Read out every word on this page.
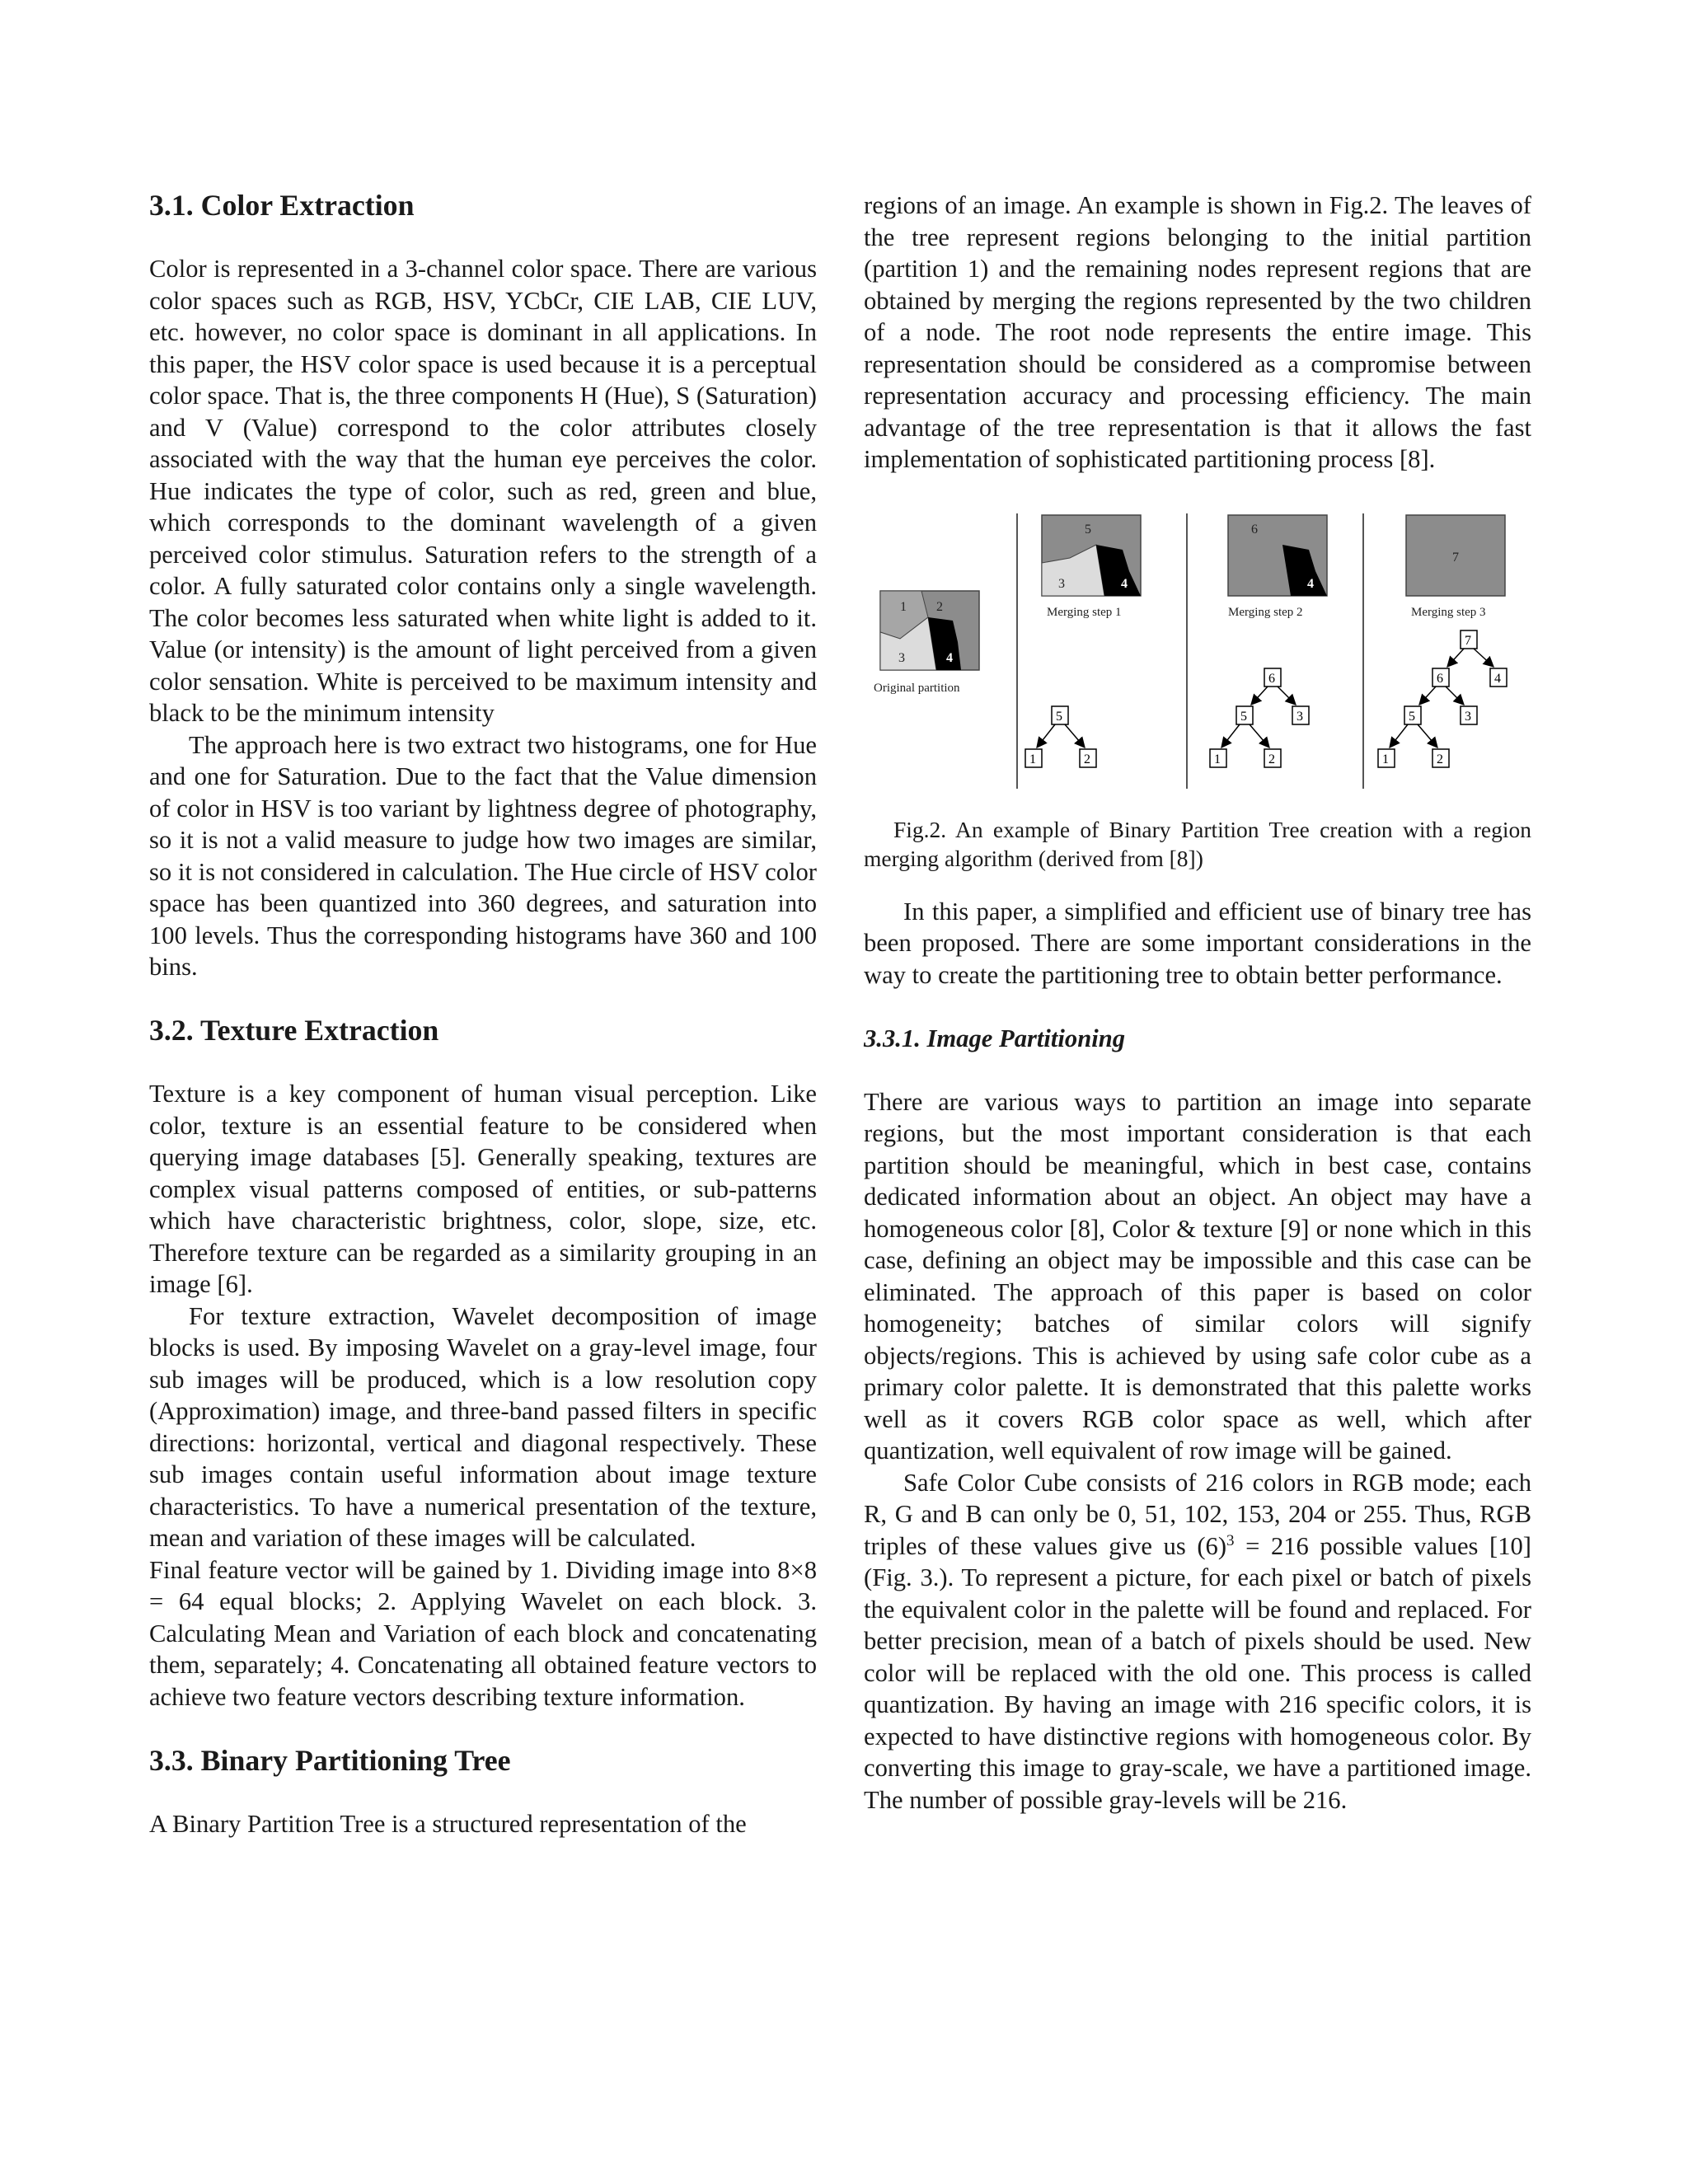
3.1. Color Extraction

Color is represented in a 3-channel color space. There are various color spaces such as RGB, HSV, YCbCr, CIE LAB, CIE LUV, etc. however, no color space is dominant in all applications. In this paper, the HSV color space is used because it is a perceptual color space. That is, the three components H (Hue), S (Saturation) and V (Value) correspond to the color attributes closely associated with the way that the human eye perceives the color. Hue indicates the type of color, such as red, green and blue, which corresponds to the dominant wavelength of a given perceived color stimulus. Saturation refers to the strength of a color. A fully saturated color contains only a single wavelength. The color becomes less saturated when white light is added to it. Value (or intensity) is the amount of light perceived from a given color sensation. White is perceived to be maximum intensity and black to be the minimum intensity

The approach here is two extract two histograms, one for Hue and one for Saturation. Due to the fact that the Value dimension of color in HSV is too variant by lightness degree of photography, so it is not a valid measure to judge how two images are similar, so it is not considered in calculation. The Hue circle of HSV color space has been quantized into 360 degrees, and saturation into 100 levels. Thus the corresponding histograms have 360 and 100 bins.

3.2. Texture Extraction

Texture is a key component of human visual perception. Like color, texture is an essential feature to be considered when querying image databases [5]. Generally speaking, textures are complex visual patterns composed of entities, or sub-patterns which have characteristic brightness, color, slope, size, etc. Therefore texture can be regarded as a similarity grouping in an image [6].

For texture extraction, Wavelet decomposition of image blocks is used. By imposing Wavelet on a gray-level image, four sub images will be produced, which is a low resolution copy (Approximation) image, and three-band passed filters in specific directions: horizontal, vertical and diagonal respectively. These sub images contain useful information about image texture characteristics. To have a numerical presentation of the texture, mean and variation of these images will be calculated.

Final feature vector will be gained by 1. Dividing image into 8×8 = 64 equal blocks; 2. Applying Wavelet on each block. 3. Calculating Mean and Variation of each block and concatenating them, separately; 4. Concatenating all obtained feature vectors to achieve two feature vectors describing texture information.

3.3. Binary Partitioning Tree

A Binary Partition Tree is a structured representation of the

regions of an image. An example is shown in Fig.2. The leaves of the tree represent regions belonging to the initial partition (partition 1) and the remaining nodes represent regions that are obtained by merging the regions represented by the two children of a node. The root node represents the entire image. This representation should be considered as a compromise between representation accuracy and processing efficiency. The main advantage of the tree representation is that it allows the fast implementation of sophisticated partitioning process [8].

1 2
3	4
Original partition
5
3	4
Merging step 1
5
1	2
6
4
Merging step 2
6
5	3
1	2
7
Merging step 3
7
6	4
5	3
1	2

Fig.2. An example of Binary Partition Tree creation with a region merging algorithm (derived from [8])

In this paper, a simplified and efficient use of binary tree has been proposed. There are some important considerations in the way to create the partitioning tree to obtain better performance.

3.3.1. Image Partitioning

There are various ways to partition an image into separate regions, but the most important consideration is that each partition should be meaningful, which in best case, contains dedicated information about an object. An object may have a homogeneous color [8], Color & texture [9] or none which in this case, defining an object may be impossible and this case can be eliminated. The approach of this paper is based on color homogeneity; batches of similar colors will signify objects/regions. This is achieved by using safe color cube as a primary color palette. It is demonstrated that this palette works well as it covers RGB color space as well, which after quantization, well equivalent of row image will be gained.

Safe Color Cube consists of 216 colors in RGB mode; each R, G and B can only be 0, 51, 102, 153, 204 or 255. Thus, RGB triples of these values give us $(6)^3 = 216$ possible values [10] (Fig. 3.). To represent a picture, for each pixel or batch of pixels the equivalent color in the palette will be found and replaced. For better precision, mean of a batch of pixels should be used. New color will be replaced with the old one. This process is called quantization. By having an image with 216 specific colors, it is expected to have distinctive regions with homogeneous color. By converting this image to gray-scale, we have a partitioned image. The number of possible gray-levels will be 216.
